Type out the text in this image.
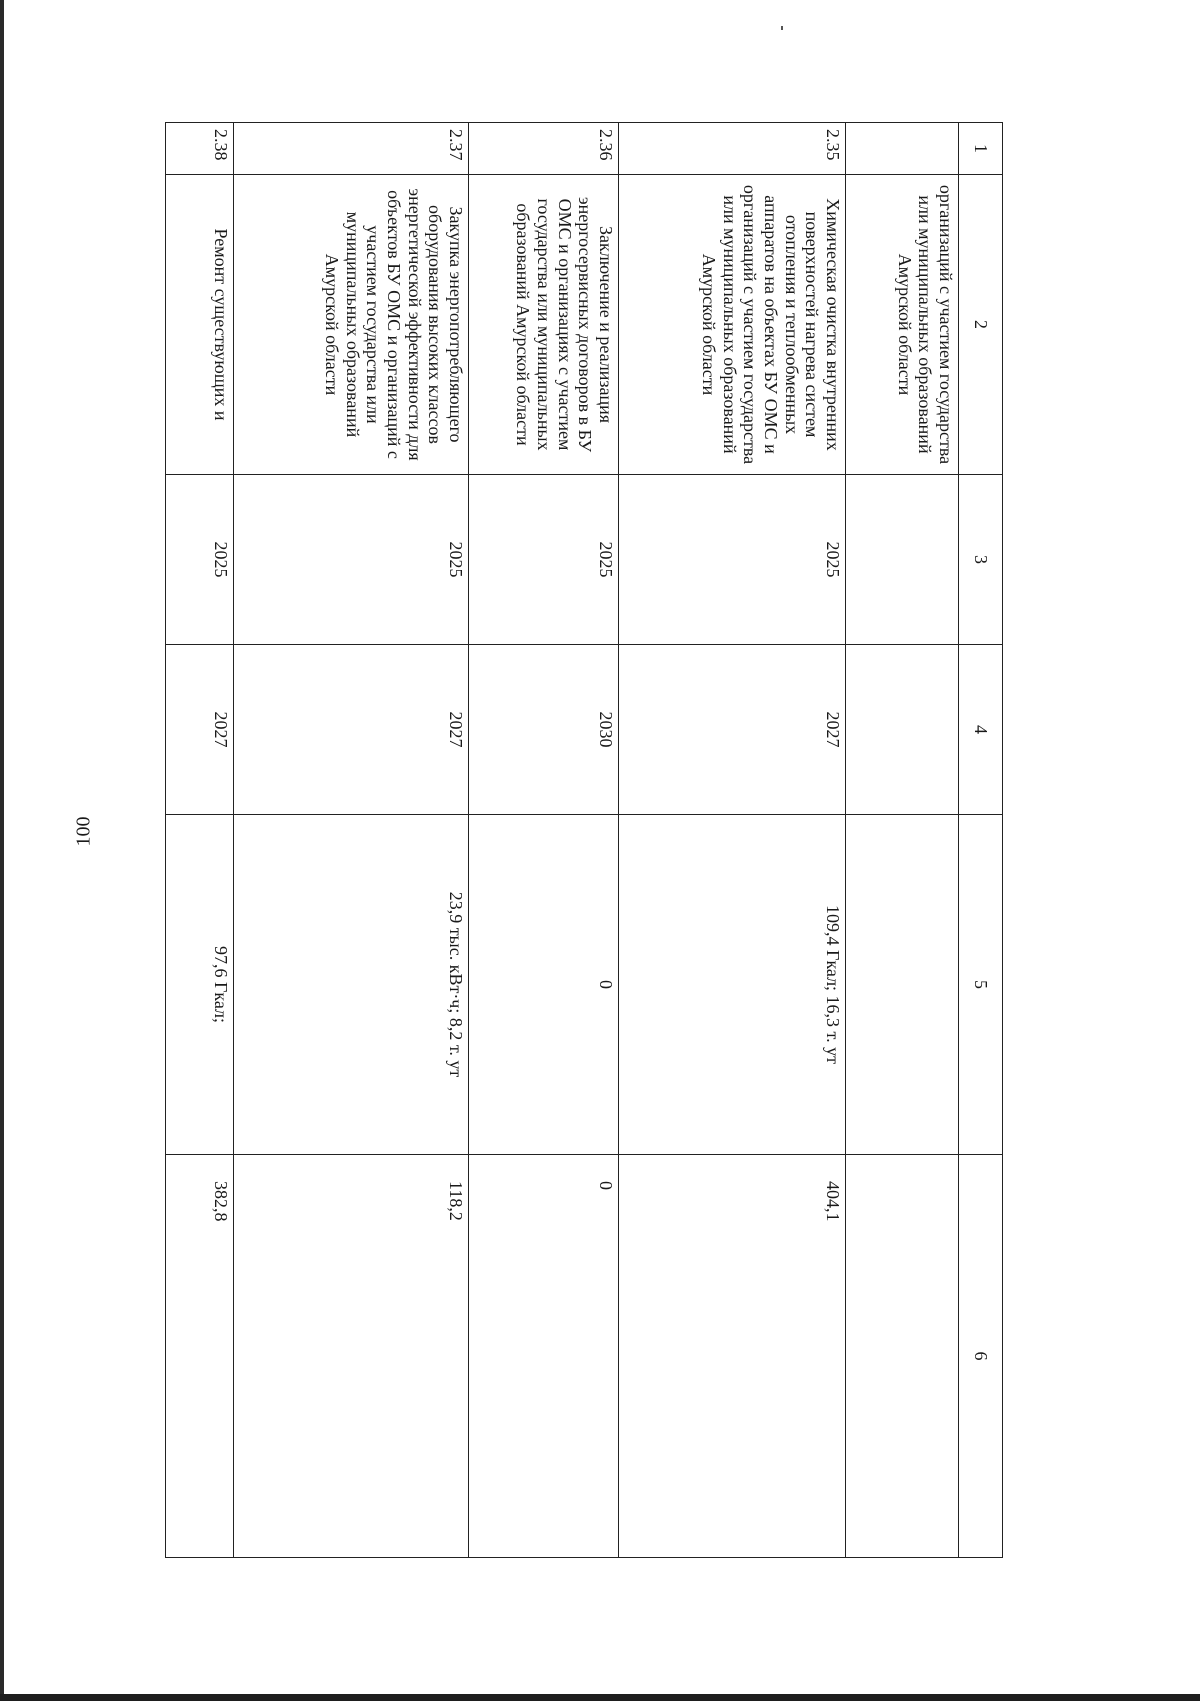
100
1	2	3	4	5	6
	организаций с участием государства или муниципальных образований Амурской области				

2.35	Химическая очистка внутренних поверхностей нагрева систем отопления и теплообменных аппаратов на объектах БУ ОМС и организаций с участием государства или муниципальных образований Амурской области	2025	2027	109,4 Гкал; 16,3 т. ут	404,1

2.36	Заключение и реализация энергосервисных договоров в БУ ОМС и организациях с участием государства или муниципальных образований Амурской области	2025	2030	0	0

2.37	Закупка энергопотребляющего оборудования высоких классов энергетической эффективности для объектов БУ ОМС и организаций с участием государства или муниципальных образований Амурской области	2025	2027	23,9 тыс. кВт·ч; 8,2 т. ут	118,2

2.38	Ремонт существующих и	2025	2027	97,6 Гкал;	382,8
